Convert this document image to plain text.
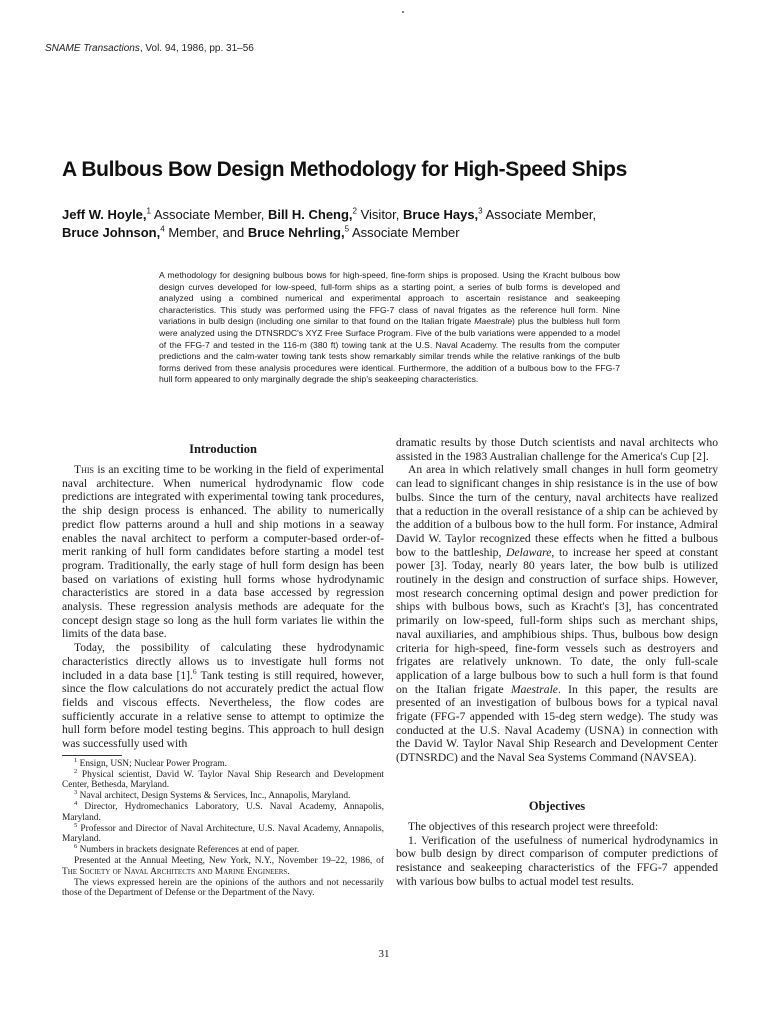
SNAME Transactions, Vol. 94, 1986, pp. 31–56
A Bulbous Bow Design Methodology for High-Speed Ships
Jeff W. Hoyle,$^1$ Associate Member, Bill H. Cheng,$^2$ Visitor, Bruce Hays,$^3$ Associate Member,
Bruce Johnson,$^4$ Member, and Bruce Nehrling,$^5$ Associate Member
A methodology for designing bulbous bows for high-speed, fine-form ships is proposed. Using the Kracht bulbous bow design curves developed for low-speed, full-form ships as a starting point, a series of bulb forms is developed and analyzed using a combined numerical and experimental approach to ascertain resistance and seakeeping characteristics. This study was performed using the FFG-7 class of naval frigates as the reference hull form. Nine variations in bulb design (including one similar to that found on the Italian frigate Maestrale) plus the bulbless hull form were analyzed using the DTNSRDC's XYZ Free Surface Program. Five of the bulb variations were appended to a model of the FFG-7 and tested in the 116-m (380 ft) towing tank at the U.S. Naval Academy. The results from the computer predictions and the calm-water towing tank tests show remarkably similar trends while the relative rankings of the bulb forms derived from these analysis procedures were identical. Furthermore, the addition of a bulbous bow to the FFG-7 hull form appeared to only marginally degrade the ship's seakeeping characteristics.
Introduction

This is an exciting time to be working in the field of experimental naval architecture. When numerical hydrodynamic flow code predictions are integrated with experimental towing tank procedures, the ship design process is enhanced. The ability to numerically predict flow patterns around a hull and ship motions in a seaway enables the naval architect to perform a computer-based order-of-merit ranking of hull form candidates before starting a model test program. Traditionally, the early stage of hull form design has been based on variations of existing hull forms whose hydrodynamic characteristics are stored in a data base accessed by regression analysis. These regression analysis methods are adequate for the concept design stage so long as the hull form variates lie within the limits of the data base.

Today, the possibility of calculating these hydrodynamic characteristics directly allows us to investigate hull forms not included in a data base [1].$^6$ Tank testing is still required, however, since the flow calculations do not accurately predict the actual flow fields and viscous effects. Nevertheless, the flow codes are sufficiently accurate in a relative sense to attempt to optimize the hull form before model testing begins. This approach to hull design was successfully used with

$^1$ Ensign, USN; Nuclear Power Program.

$^2$ Physical scientist, David W. Taylor Naval Ship Research and Development Center, Bethesda, Maryland.

$^3$ Naval architect, Design Systems & Services, Inc., Annapolis, Maryland.

$^4$ Director, Hydromechanics Laboratory, U.S. Naval Academy, Annapolis, Maryland.

$^5$ Professor and Director of Naval Architecture, U.S. Naval Academy, Annapolis, Maryland.

$^6$ Numbers in brackets designate References at end of paper.

Presented at the Annual Meeting, New York, N.Y., November 19–22, 1986, of The Society of Naval Architects and Marine Engineers.

The views expressed herein are the opinions of the authors and not necessarily those of the Department of Defense or the Department of the Navy.

dramatic results by those Dutch scientists and naval architects who assisted in the 1983 Australian challenge for the America's Cup [2].

An area in which relatively small changes in hull form geometry can lead to significant changes in ship resistance is in the use of bow bulbs. Since the turn of the century, naval architects have realized that a reduction in the overall resistance of a ship can be achieved by the addition of a bulbous bow to the hull form. For instance, Admiral David W. Taylor recognized these effects when he fitted a bulbous bow to the battleship, Delaware, to increase her speed at constant power [3]. Today, nearly 80 years later, the bow bulb is utilized routinely in the design and construction of surface ships. However, most research concerning optimal design and power prediction for ships with bulbous bows, such as Kracht's [3], has concentrated primarily on low-speed, full-form ships such as merchant ships, naval auxiliaries, and amphibious ships. Thus, bulbous bow design criteria for high-speed, fine-form vessels such as destroyers and frigates are relatively unknown. To date, the only full-scale application of a large bulbous bow to such a hull form is that found on the Italian frigate Maestrale. In this paper, the results are presented of an investigation of bulbous bows for a typical naval frigate (FFG-7 appended with 15-deg stern wedge). The study was conducted at the U.S. Naval Academy (USNA) in connection with the David W. Taylor Naval Ship Research and Development Center (DTNSRDC) and the Naval Sea Systems Command (NAVSEA).

Objectives

The objectives of this research project were threefold:

1. Verification of the usefulness of numerical hydrodynamics in bow bulb design by direct comparison of computer predictions of resistance and seakeeping characteristics of the FFG-7 appended with various bow bulbs to actual model test results.

31
